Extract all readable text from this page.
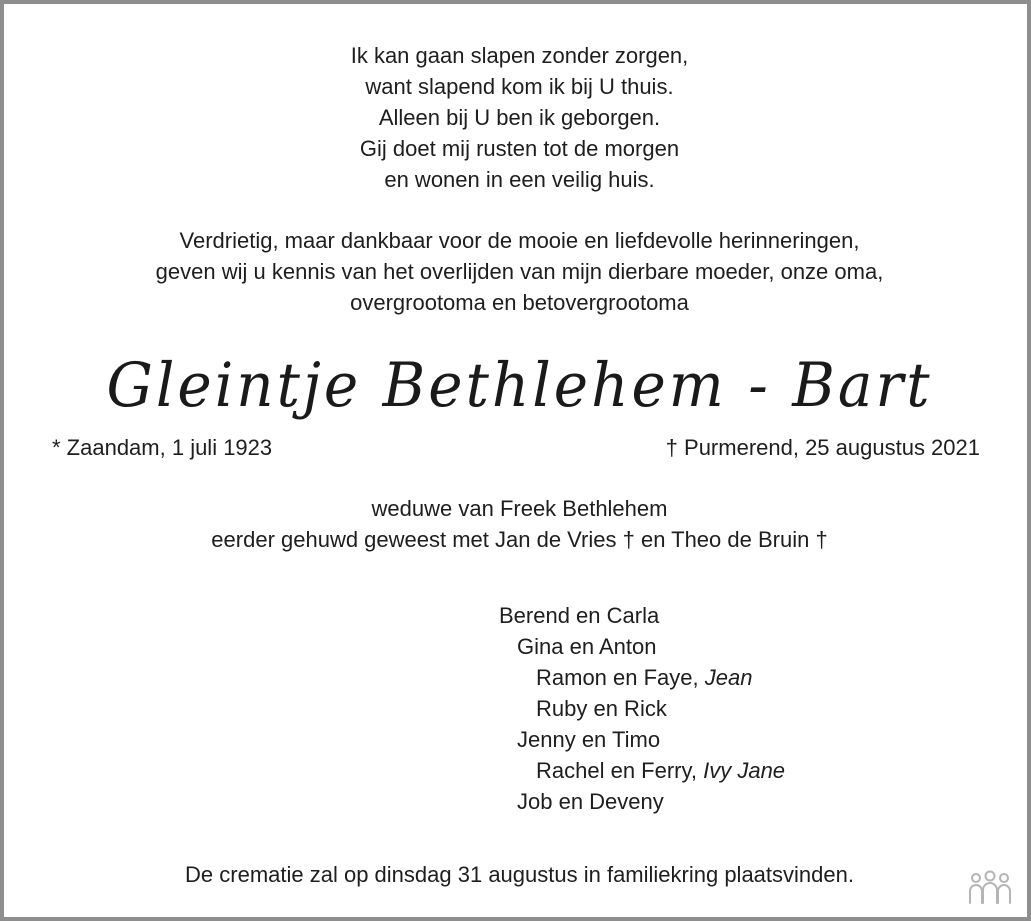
Ik kan gaan slapen zonder zorgen,
want slapend kom ik bij U thuis.
Alleen bij U ben ik geborgen.
Gij doet mij rusten tot de morgen
en wonen in een veilig huis.
Verdrietig, maar dankbaar voor de mooie en liefdevolle herinneringen,
geven wij u kennis van het overlijden van mijn dierbare moeder, onze oma,
overgrootoma en betovergrootoma
Gleintje Bethlehem - Bart
* Zaandam, 1 juli 1923	† Purmerend, 25 augustus 2021
weduwe van Freek Bethlehem
eerder gehuwd geweest met Jan de Vries † en Theo de Bruin †
Berend en Carla
Gina en Anton
Ramon en Faye, Jean
Ruby en Rick
Jenny en Timo
Rachel en Ferry, Ivy Jane
Job en Deveny
De crematie zal op dinsdag 31 augustus in familiekring plaatsvinden.
